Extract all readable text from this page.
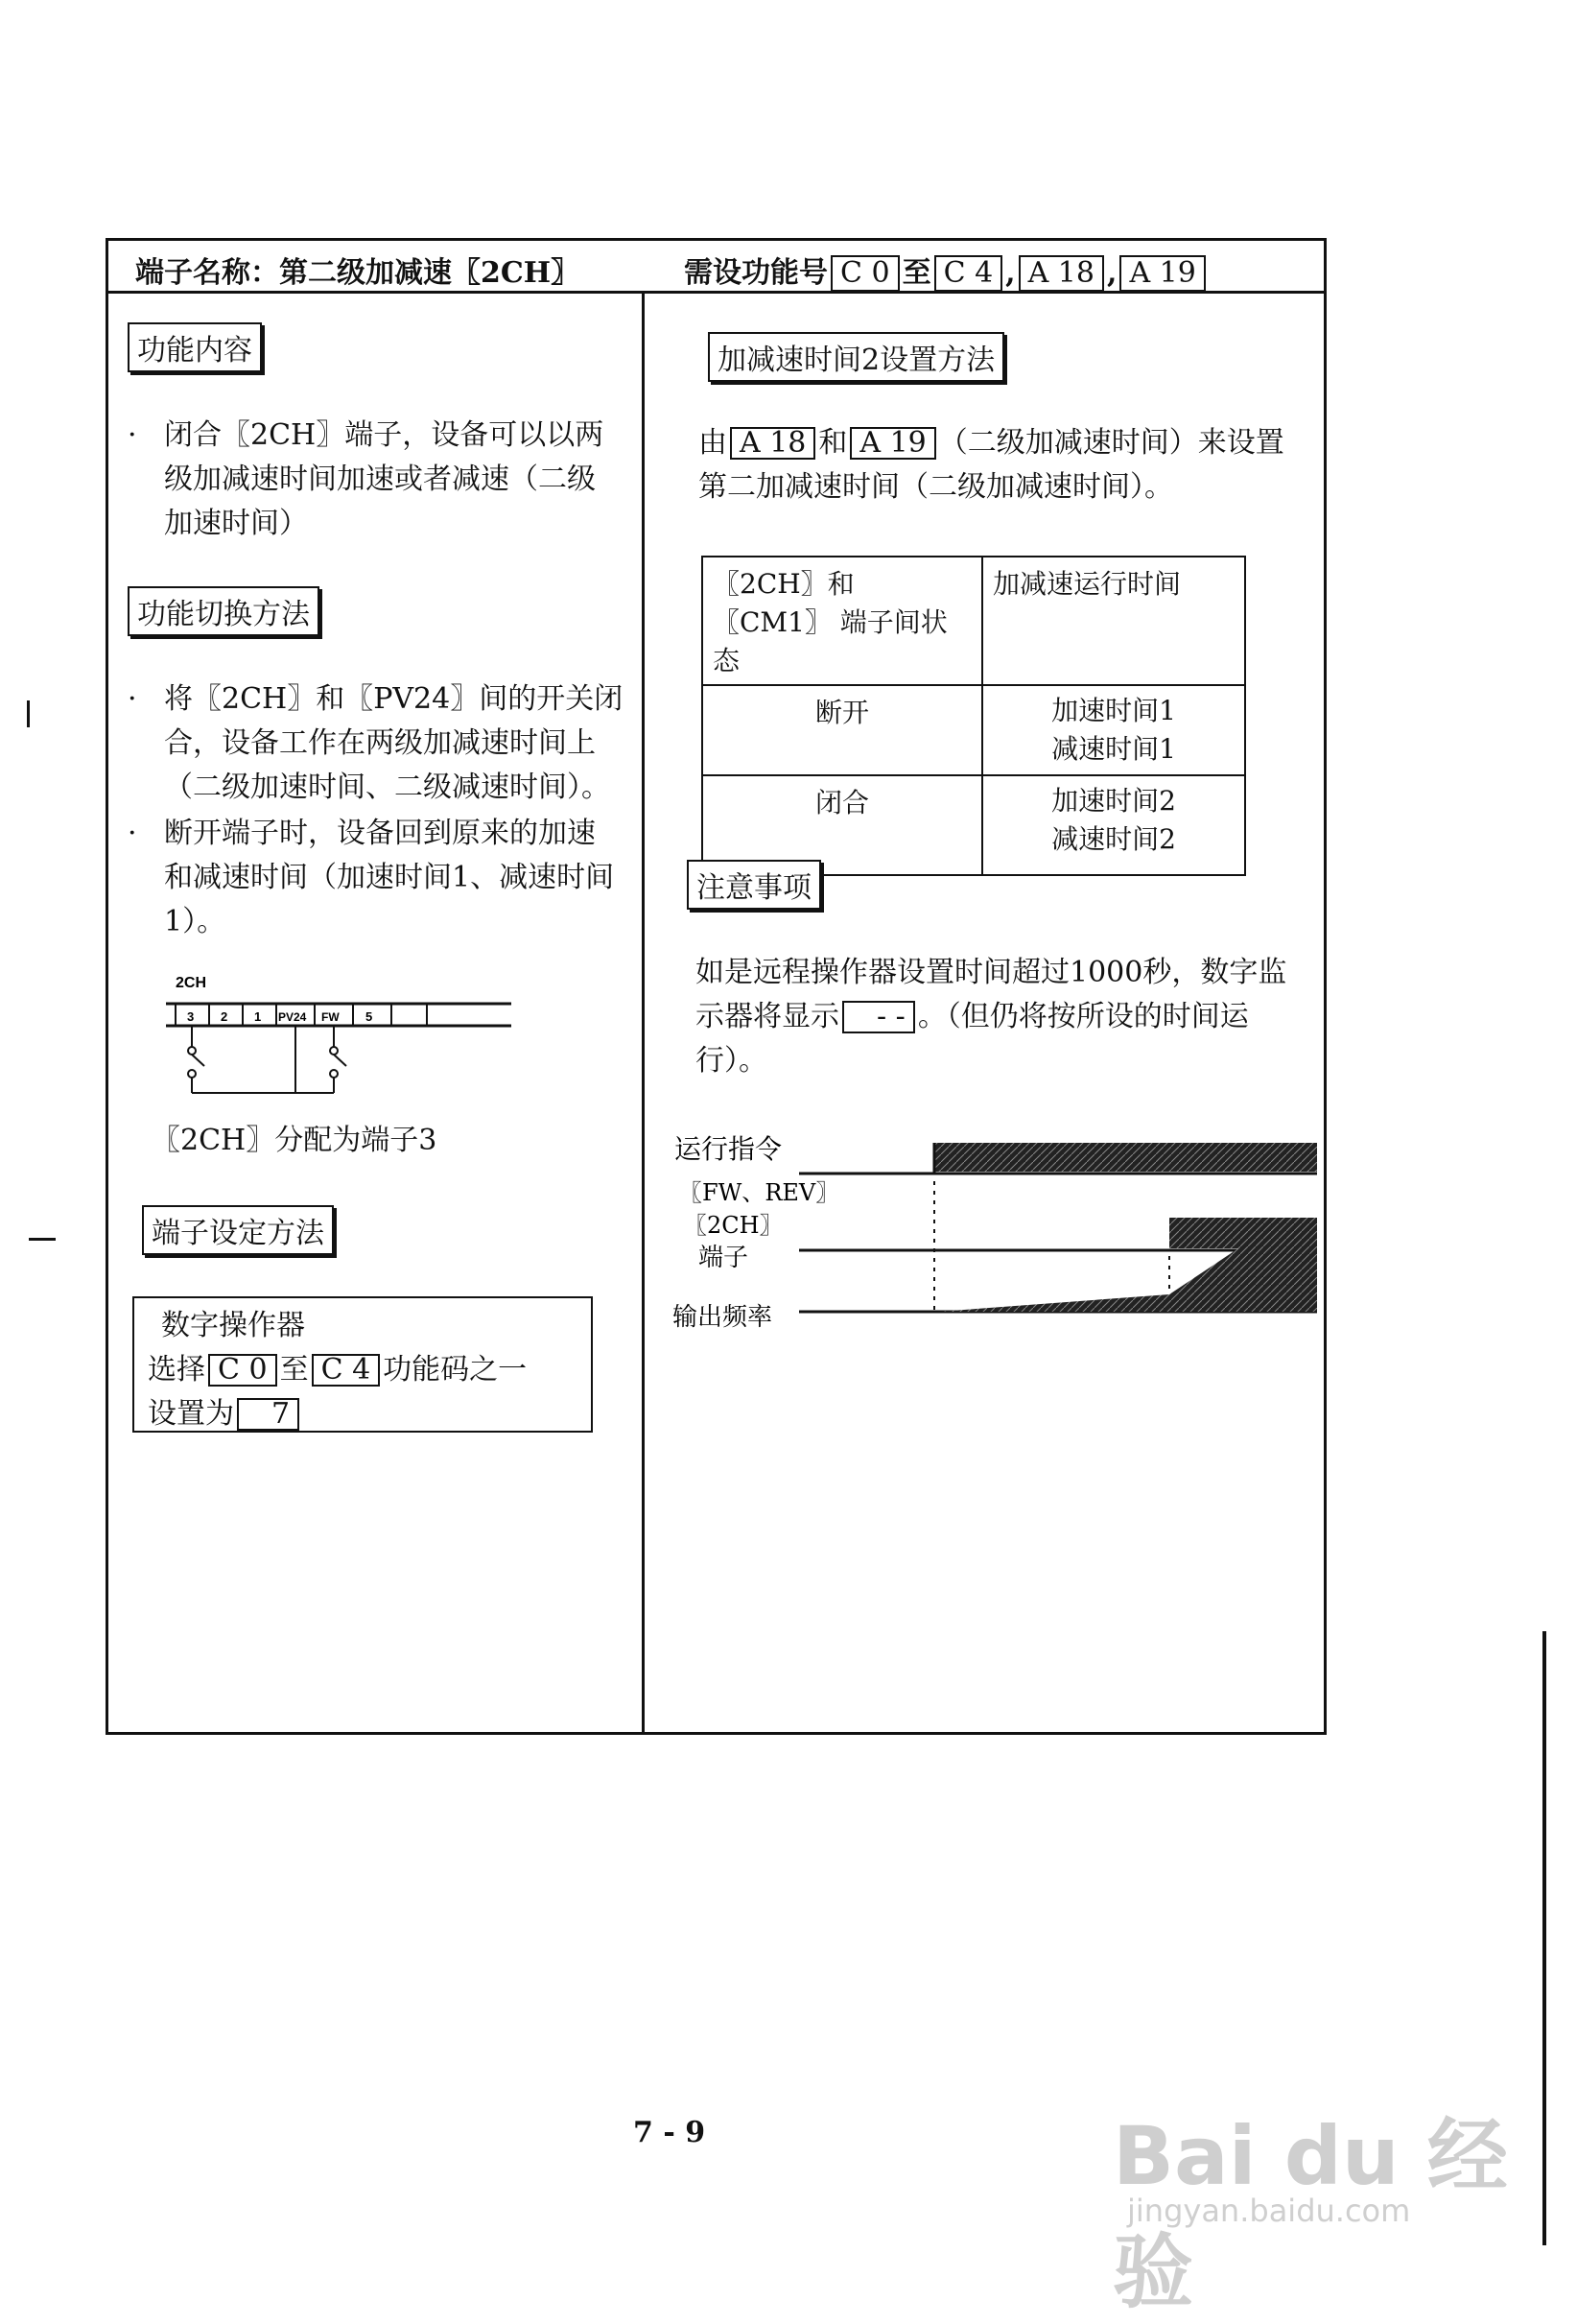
端子名称：第二级加减速〖2CH〗	需设功能号 C 0 至 C 4 , A 18 , A 19
功能内容
· 闭合〖2CH〗端子，设备可以以两级加减速时间加速或者减速（二级加速时间）
功能切换方法
· 将〖2CH〗和〖PV24〗间的开关闭合，设备工作在两级加减速时间上（二级加速时间、二级减速时间）。
· 断开端子时，设备回到原来的加速和减速时间（加速时间1、减速时间1）。
2CH
3 2 1 PV24 FW 5
〖2CH〗分配为端子3
端子设定方法
数字操作器
选择 C 0 至 C 4 功能码之一
设置为 7
加减速时间2设置方法
由 A 18 和 A 19 （二级加减速时间）来设置第二加减速时间（二级加减速时间）。
〖2CH〗和〖CM1〗 端子间状态	加减速运行时间
断开	加速时间1
减速时间1

闭合	加速时间2
减速时间2
注意事项
如是远程操作器设置时间超过1000秒，数字监示器将显示 - - 。（但仍将按所设的时间运行）。
运行指令
〖FW、REV〗
〖2CH〗
端子
输出频率
7 - 9	Bai du 经验
jingyan.baidu.com
